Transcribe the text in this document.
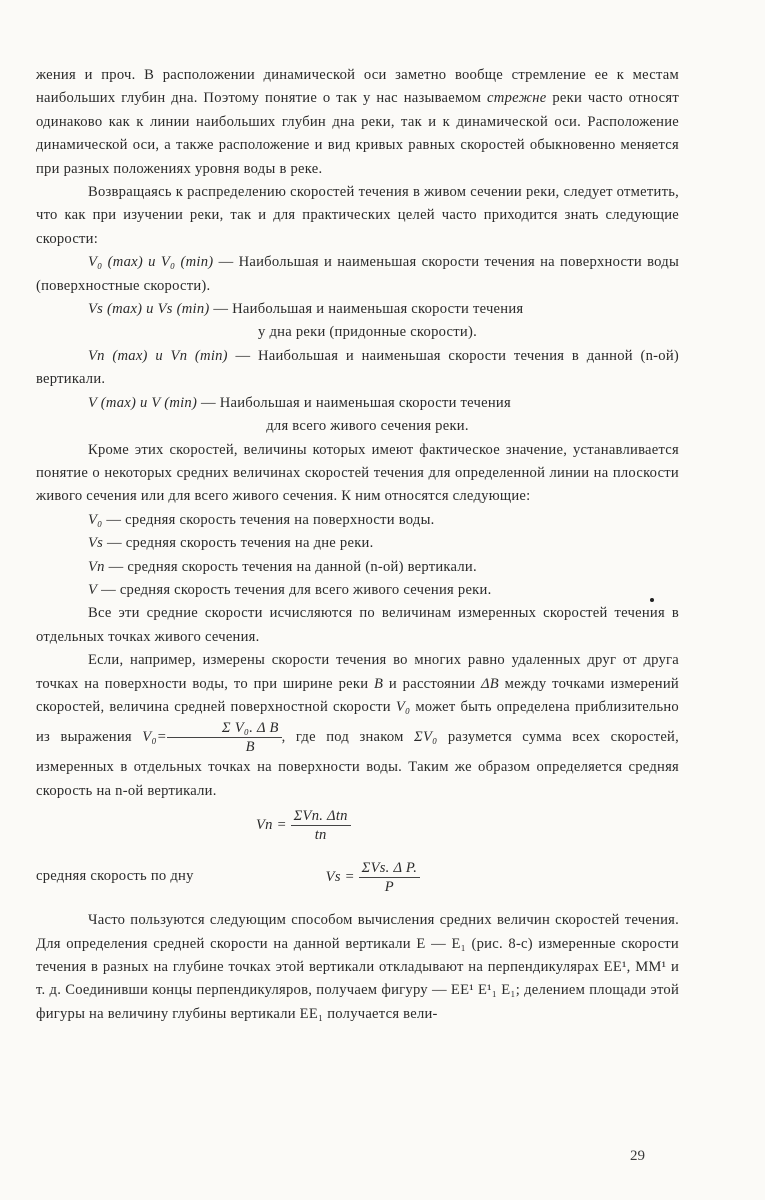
жения и проч. В расположении динамической оси заметно вообще стремление ее к местам наибольших глубин дна. Поэтому понятие о так у нас называемом стрежне реки часто относят одинаково как к линии наибольших глубин дна реки, так и к динамической оси. Расположение динамической оси, а также расположение и вид кривых равных скоростей обыкновенно меняется при разных положениях уровня воды в реке.

Возвращаясь к распределению скоростей течения в живом сечении реки, следует отметить, что как при изучении реки, так и для практических целей часто приходится знать следующие скорости:

V₀ (max) и V₀ (min) — Наибольшая и наименьшая скорости течения на поверхности воды (поверхностные скорости).

Vs (max) и Vs (min) — Наибольшая и наименьшая скорости течения

у дна реки (придонные скорости).

Vn (max) и Vn (min) — Наибольшая и наименьшая скорости течения в данной (n-ой) вертикали.

V (max) и V (min) — Наибольшая и наименьшая скорости течения

для всего живого сечения реки.

Кроме этих скоростей, величины которых имеют фактическое значение, устанавливается понятие о некоторых средних величинах скоростей течения для определенной линии на плоскости живого сечения или для всего живого сечения. К ним относятся следующие:

V₀ — средняя скорость течения на поверхности воды.
Vs — средняя скорость течения на дне реки.
Vn — средняя скорость течения на данной (n-ой) вертикали.
V — средняя скорость течения для всего живого сечения реки.

Все эти средние скорости исчисляются по величинам измеренных скоростей течения в отдельных точках живого сечения.

Если, например, измерены скорости течения во многих равно удаленных друг от друга точках на поверхности воды, то при ширине реки B и расстоянии ΔB между точками измерений скоростей, величина средней поверхностной скорости V₀ может быть определена приблизительно из выражения $V_0= \frac{\text{Σ V₀. Δ B}}{B}$ , где под знаком ΣV₀ разумется сумма всех скоростей, измеренных в отдельных точках на поверхности воды. Таким же образом определяется средняя скорость на n-ой вертикали.

$Vn = \frac{\text{ΣVn. Δtn}}{tn}$
средняя скорость по дну	$Vs = \frac{\text{ΣVs. Δ P.}}{P}$

Часто пользуются следующим способом вычисления средних величин скоростей течения. Для определения средней скорости на данной вертикали E — E₁ (рис. 8-с) измеренные скорости течения в разных на глубине точках этой вертикали откладывают на перпендикулярах EE¹, MM¹ и т. д. Соединивши концы перпендикуляров, получаем фигуру — EE¹ E¹₁ E₁; делением площади этой фигуры на величину глубины вертикали EE₁ получается вели-

29
